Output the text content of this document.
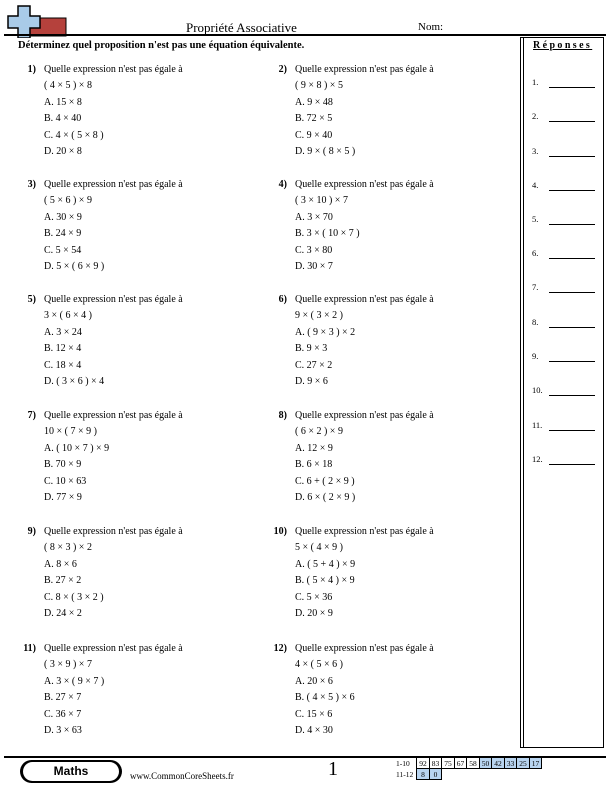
Propriété Associative	Nom:
Déterminez quel proposition n'est pas une équation équivalente.	Réponses
1.
2.
3.
4.
5.
6.
7.
8.
9.
10.
11.
12.
1) Quelle expression n'est pas égale à
( 4 × 5 ) × 8
A. 15 × 8
B. 4 × 40
C. 4 × ( 5 × 8 )
D. 20 × 8
2) Quelle expression n'est pas égale à
( 9 × 8 ) × 5
A. 9 × 48
B. 72 × 5
C. 9 × 40
D. 9 × ( 8 × 5 )
3) Quelle expression n'est pas égale à
( 5 × 6 ) × 9
A. 30 × 9
B. 24 × 9
C. 5 × 54
D. 5 × ( 6 × 9 )
4) Quelle expression n'est pas égale à
( 3 × 10 ) × 7
A. 3 × 70
B. 3 × ( 10 × 7 )
C. 3 × 80
D. 30 × 7
5) Quelle expression n'est pas égale à
3 × ( 6 × 4 )
A. 3 × 24
B. 12 × 4
C. 18 × 4
D. ( 3 × 6 ) × 4
6) Quelle expression n'est pas égale à
9 × ( 3 × 2 )
A. ( 9 × 3 ) × 2
B. 9 × 3
C. 27 × 2
D. 9 × 6
7) Quelle expression n'est pas égale à
10 × ( 7 × 9 )
A. ( 10 × 7 ) × 9
B. 70 × 9
C. 10 × 63
D. 77 × 9
8) Quelle expression n'est pas égale à
( 6 × 2 ) × 9
A. 12 × 9
B. 6 × 18
C. 6 + ( 2 × 9 )
D. 6 × ( 2 × 9 )
9) Quelle expression n'est pas égale à
( 8 × 3 ) × 2
A. 8 × 6
B. 27 × 2
C. 8 × ( 3 × 2 )
D. 24 × 2
10) Quelle expression n'est pas égale à
5 × ( 4 × 9 )
A. ( 5 + 4 ) × 9
B. ( 5 × 4 ) × 9
C. 5 × 36
D. 20 × 9
11) Quelle expression n'est pas égale à
( 3 × 9 ) × 7
A. 3 × ( 9 × 7 )
B. 27 × 7
C. 36 × 7
D. 3 × 63
12) Quelle expression n'est pas égale à
4 × ( 5 × 6 )
A. 20 × 6
B. ( 4 × 5 ) × 6
C. 15 × 6
D. 4 × 30
Maths	www.CommonCoreSheets.fr	1	1-10	92	83	75	67	58	50	42	33	25	17
11-12	8	0								
